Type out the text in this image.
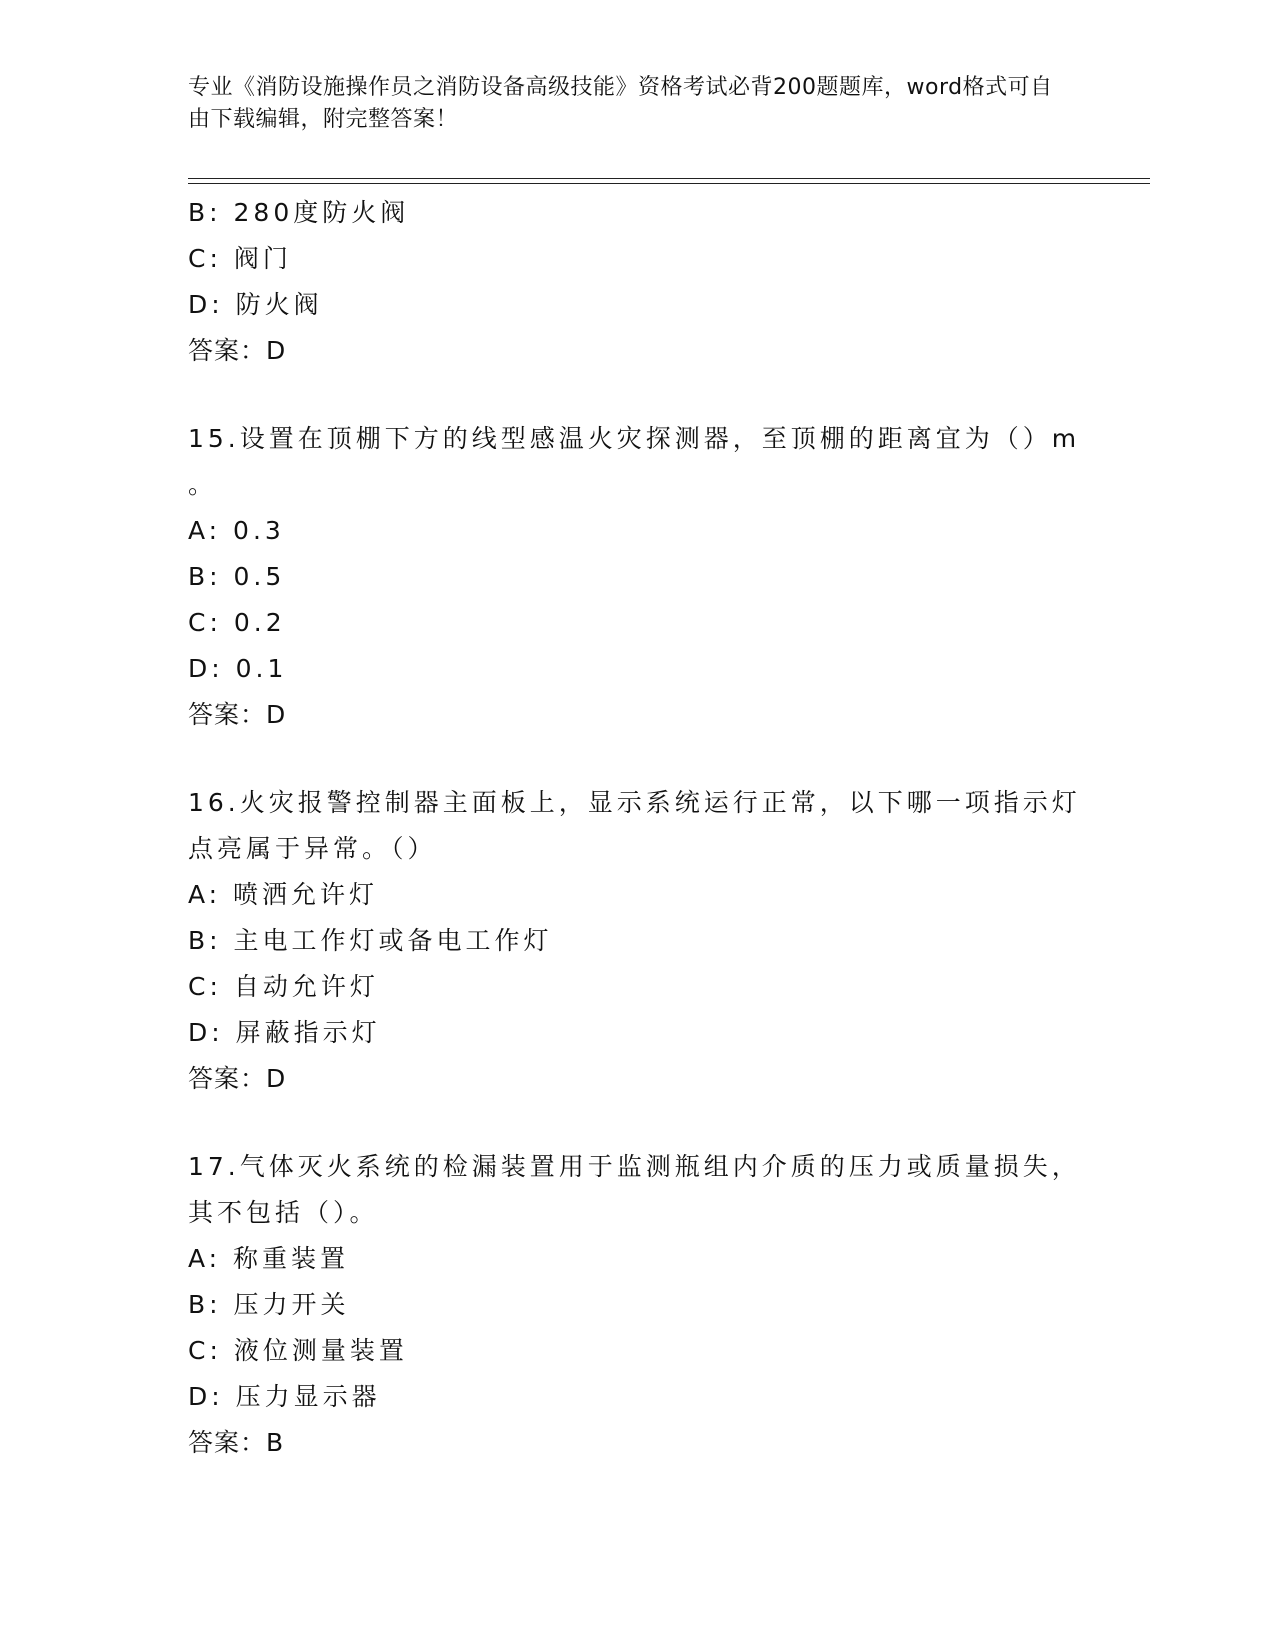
专业《消防设施操作员之消防设备高级技能》资格考试必背200题题库，word格式可自由下载编辑，附完整答案！
B: 280度防火阀
C: 阀门
D: 防火阀
答案：D
15.设置在顶棚下方的线型感温火灾探测器，至顶棚的距离宜为（）m
。
A: 0.3
B: 0.5
C: 0.2
D: 0.1
答案：D
16.火灾报警控制器主面板上，显示系统运行正常，以下哪一项指示灯
点亮属于异常。（）
A: 喷洒允许灯
B: 主电工作灯或备电工作灯
C: 自动允许灯
D: 屏蔽指示灯
答案：D
17.气体灭火系统的检漏装置用于监测瓶组内介质的压力或质量损失，
其不包括（）。
A: 称重装置
B: 压力开关
C: 液位测量装置
D: 压力显示器
答案：B
